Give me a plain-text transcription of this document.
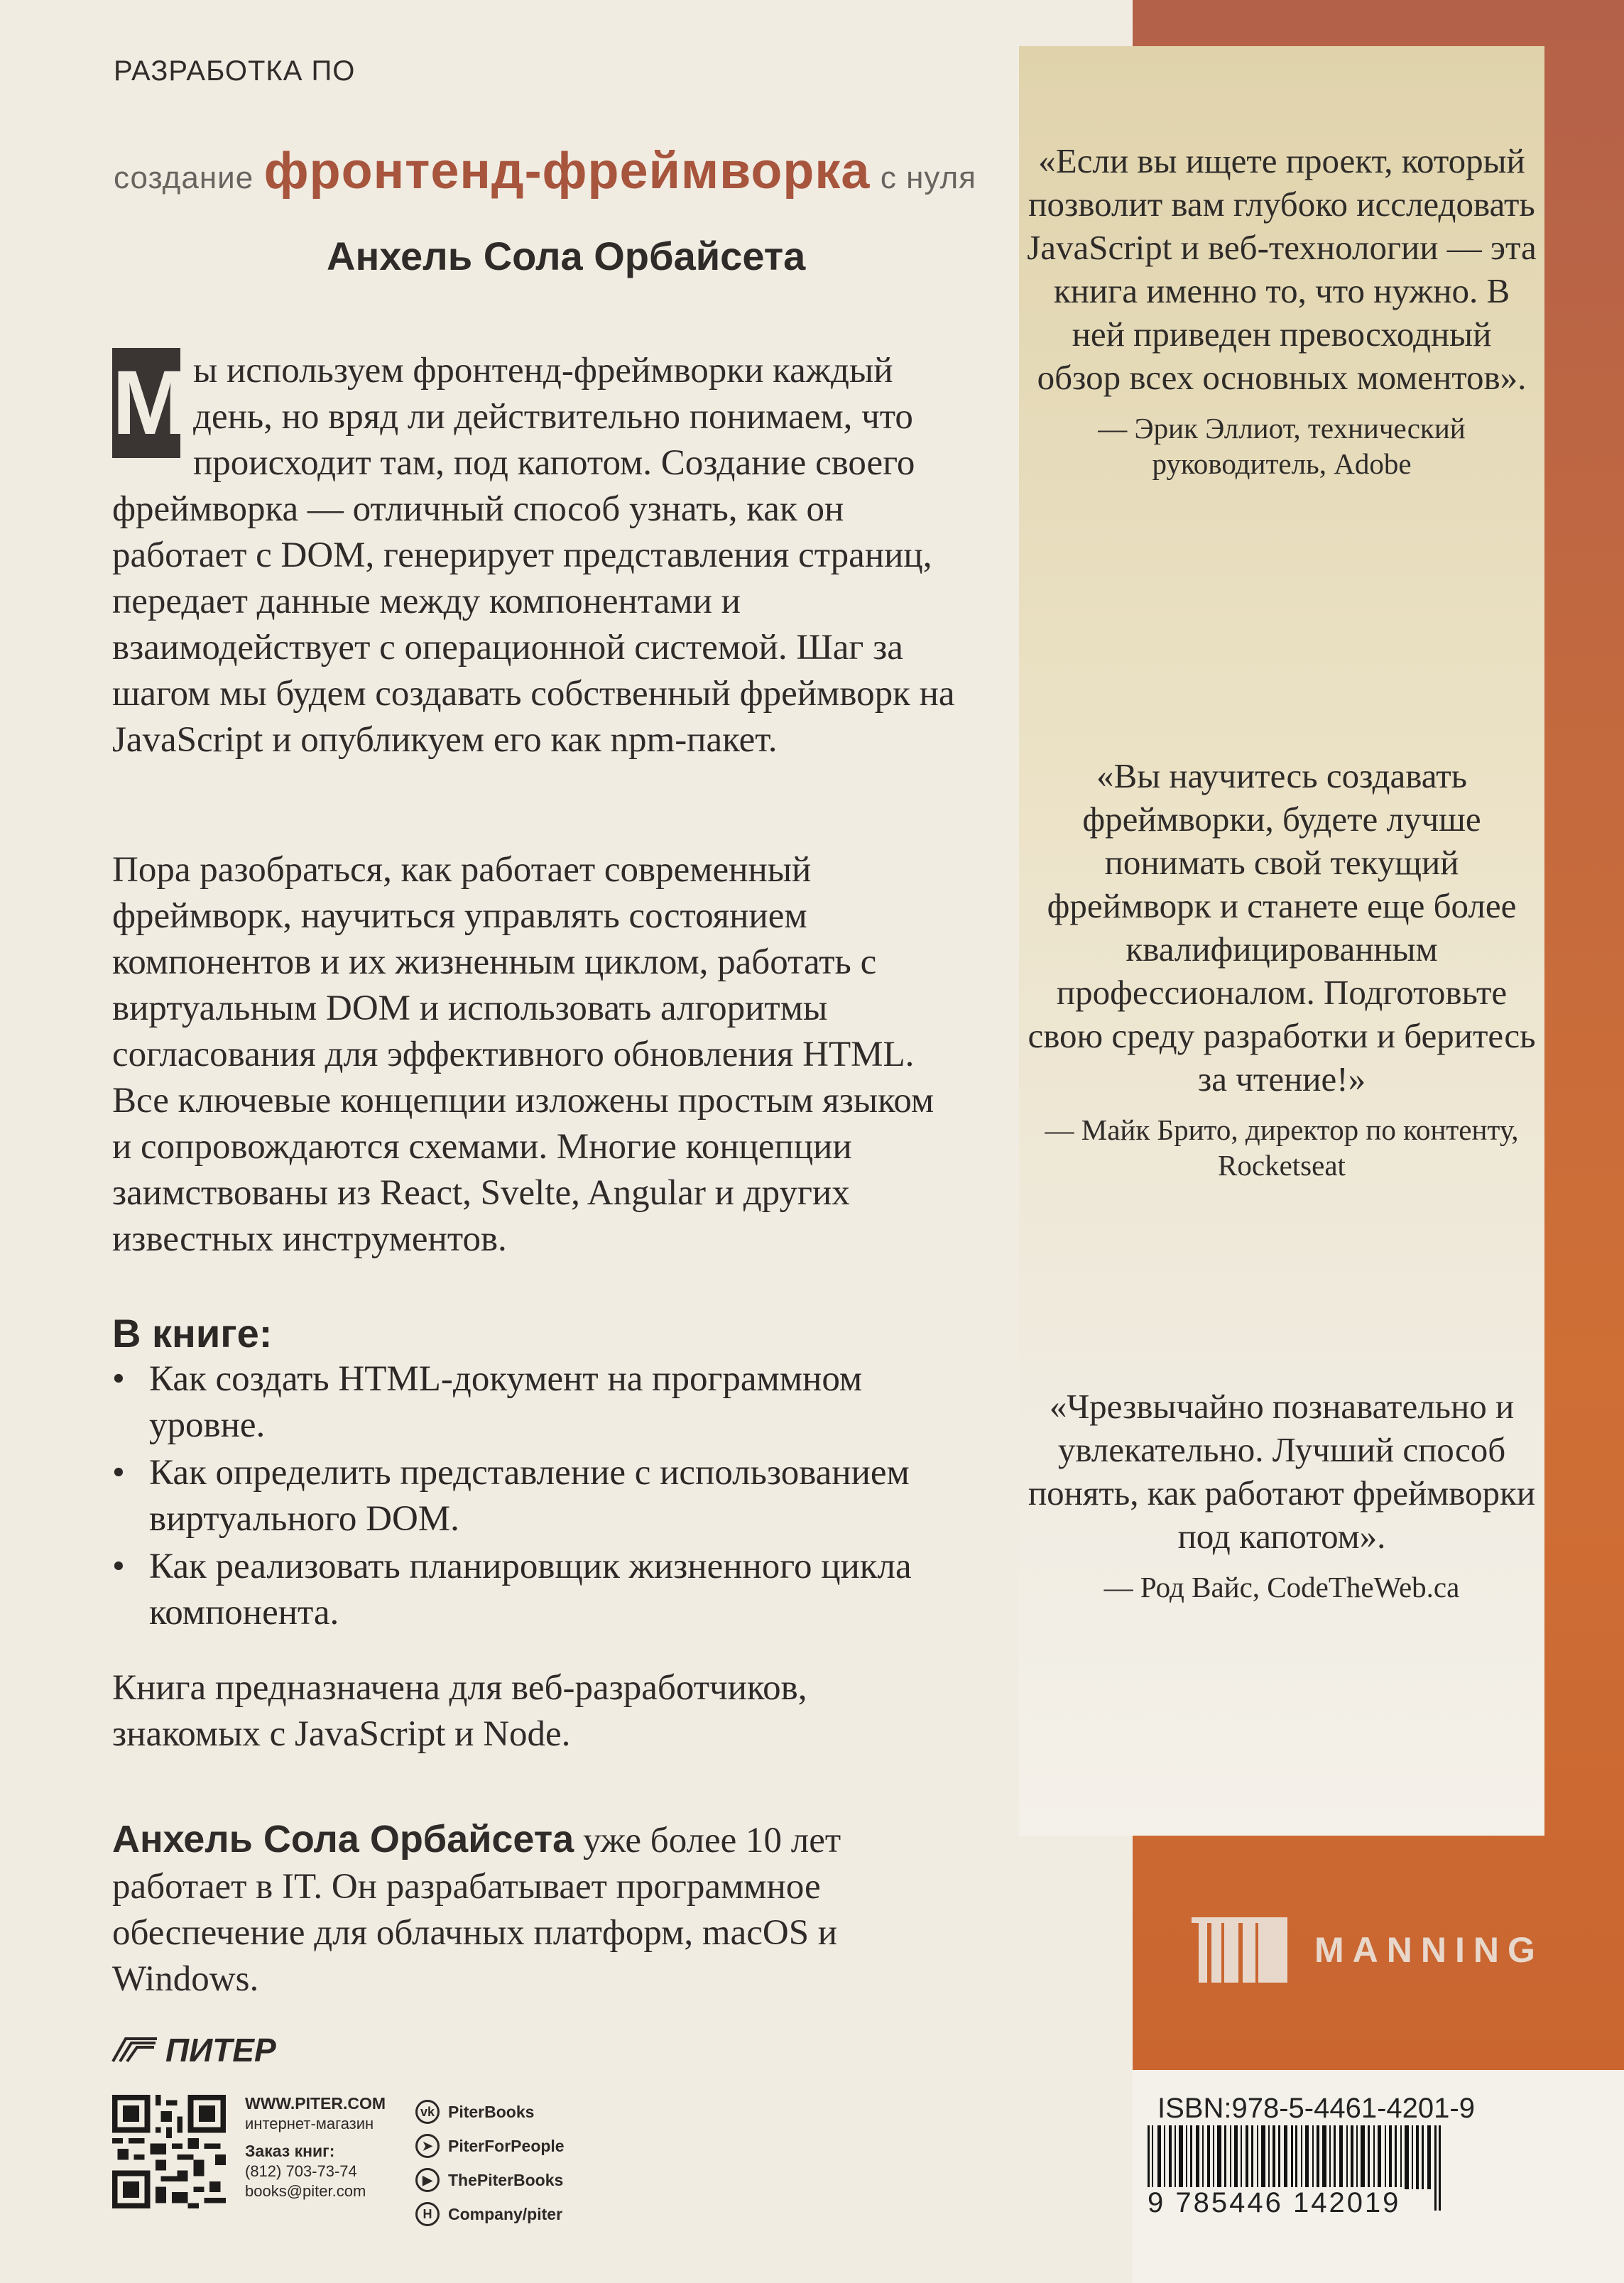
РАЗРАБОТКА ПО
создание фронтенд-фреймворка с нуля
Анхель Сола Орбайсета
М ы используем фронтенд-фреймворки каждый день, но вряд ли действительно понимаем, что происходит там, под капотом. Создание своего фреймворка — отличный способ узнать, как он работает с DOM, генерирует представления страниц, передает данные между компонентами и взаимодействует с операционной системой. Шаг за шагом мы будем создавать собственный фреймворк на JavaScript и опубликуем его как npm-пакет.
Пора разобраться, как работает современный фреймворк, научиться управлять состоянием компонентов и их жизненным циклом, работать с виртуальным DOM и использовать алгоритмы согласования для эффективного обновления HTML. Все ключевые концепции изложены простым языком и сопровождаются схемами. Многие концепции заимствованы из React, Svelte, Angular и других известных инструментов.
В книге:
• Как создать HTML-документ на программном уровне.
• Как определить представление с использованием виртуального DOM.
• Как реализовать планировщик жизненного цикла компонента.
Книга предназначена для веб-разработчиков, знакомых с JavaScript и Node.
Анхель Сола Орбайсета уже более 10 лет работает в IT. Он разрабатывает программное обеспечение для облачных платформ, macOS и Windows.
«Если вы ищете проект, который позволит вам глубоко исследовать JavaScript и веб-технологии — эта книга именно то, что нужно. В ней приведен превосходный обзор всех основных моментов».
— Эрик Эллиот, технический руководитель, Adobe
«Вы научитесь создавать фреймворки, будете лучше понимать свой текущий фреймворк и станете еще более квалифицированным профессионалом. Подготовьте свою среду разработки и беритесь за чтение!»
— Майк Брито, директор по контенту, Rocketseat
«Чрезвычайно познавательно и увлекательно. Лучший способ понять, как работают фреймворки под капотом».
— Род Вайс, CodeTheWeb.ca
MANNING
ISBN:978-5-4461-4201-9
9 785446 142019
ПИТЕР
WWW.PITER.COM
интернет-магазин
Заказ книг:
(812) 703-73-74
books@piter.com
vk PiterBooks
➤ PiterForPeople
▶ ThePiterBooks
H Company/piter
